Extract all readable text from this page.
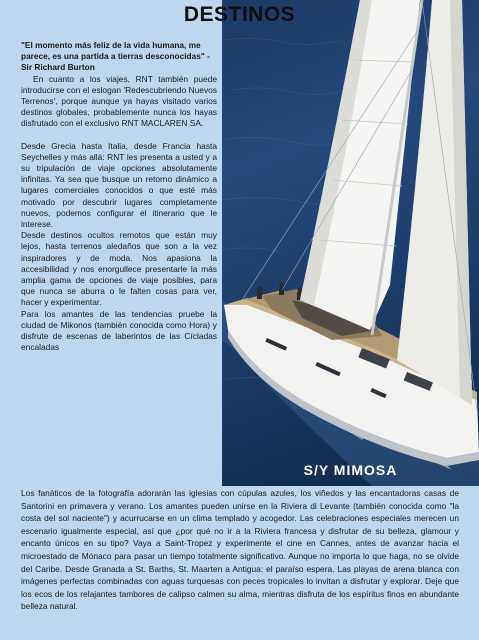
S/Y MIMOSA
DESTINOS

"El momento más feliz de la vida humana, me parece, es una partida a tierras desconocidas" - Sir Richard Burton

En cuanto a los viajes, RNT también puede introducirse con el eslogan 'Redescubriendo Nuevos Terrenos', porque aunque ya hayas visitado varios destinos globales, probablemente nunca los hayas disfrutado con el exclusivo RNT MACLAREN SA.

Desde Grecia hasta Italia, desde Francia hasta Seychelles y más allá: RNT les presenta a usted y a su tripulación de viaje opciones absolutamente infinitas. Ya sea que busque un retorno dinámico a lugares comerciales conocidos o que esté más motivado por descubrir lugares completamente nuevos, podemos configurar el itinerario que le interese.

Desde destinos ocultos remotos que están muy lejos, hasta terrenos aledaños que son a la vez inspiradores y de moda. Nos apasiona la accesibilidad y nos enorgullece presentarle la más amplia gama de opciones de viaje posibles, para que nunca se aburra o le falten cosas para ver, hacer y experimentar.

Para los amantes de las tendencias pruebe la ciudad de Mikonos (también conocida como Hora) y disfrute de escenas de laberintos de las Cícladas encaladas

Los fanáticos de la fotografía adorarán las iglesias con cúpulas azules, los viñedos y las encantadoras casas de Santorini en primavera y verano. Los amantes pueden unirse en la Riviera di Levante (también conocida como "la costa del sol naciente") y acurrucarse en un clima templado y acogedor. Las celebraciones especiales merecen un escenario igualmente especial, así que ¿por qué no ir a la Riviera francesa y disfrutar de su belleza, glamour y encanto únicos en su tipo? Vaya a Saint-Tropez y experimente el cine en Cannes, antes de avanzar hacia el microestado de Mónaco para pasar un tiempo totalmente significativo. Aunque no importa lo que haga, no se olvide del Caribe. Desde Granada a St. Barths, St. Maarten a Antigua: el paraíso espera. Las playas de arena blanca con imágenes perfectas combinadas con aguas turquesas con peces tropicales lo invitan a disfrutar y explorar. Deje que los ecos de los relajantes tambores de calipso calmen su alma, mientras disfruta de los espíritus finos en abundante belleza natural.
